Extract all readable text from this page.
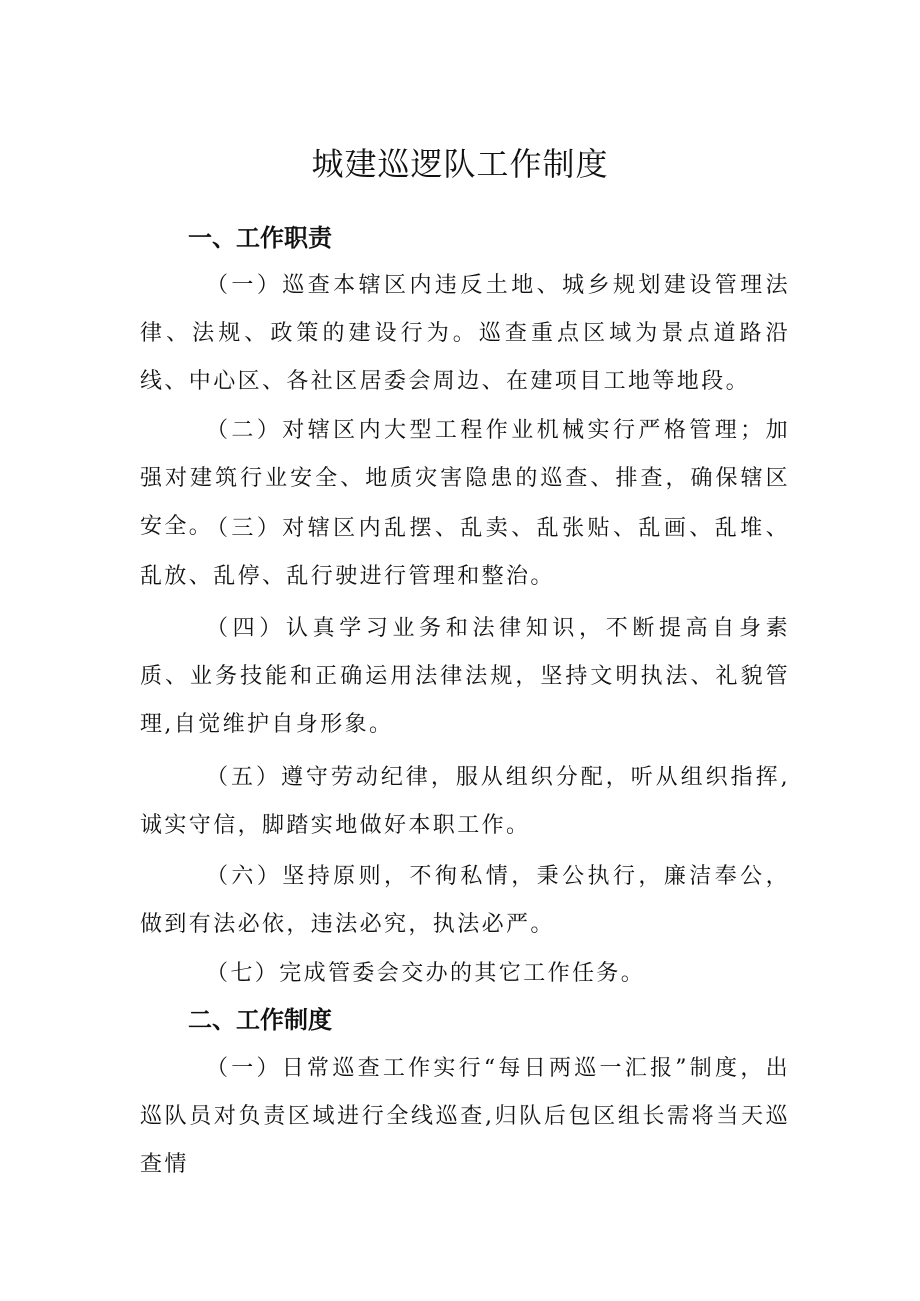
城建巡逻队工作制度
一、工作职责

（一）巡查本辖区内违反土地、城乡规划建设管理法律、法规、政策的建设行为。巡查重点区域为景点道路沿线、中心区、各社区居委会周边、在建项目工地等地段。

（二）对辖区内大型工程作业机械实行严格管理；加强对建筑行业安全、地质灾害隐患的巡查、排查，确保辖区安全。

（三）对辖区内乱摆、乱卖、乱张贴、乱画、乱堆、乱放、乱停、乱行驶进行管理和整治。

（四）认真学习业务和法律知识，不断提高自身素质、业务技能和正确运用法律法规，坚持文明执法、礼貌管理,自觉维护自身形象。

（五）遵守劳动纪律，服从组织分配，听从组织指挥,诚实守信，脚踏实地做好本职工作。

（六）坚持原则，不徇私情，秉公执行，廉洁奉公，做到有法必依，违法必究，执法必严。

（七）完成管委会交办的其它工作任务。

二、工作制度

（一）日常巡查工作实行“每日两巡一汇报”制度，出巡队员对负责区域进行全线巡查,归队后包区组长需将当天巡查情
